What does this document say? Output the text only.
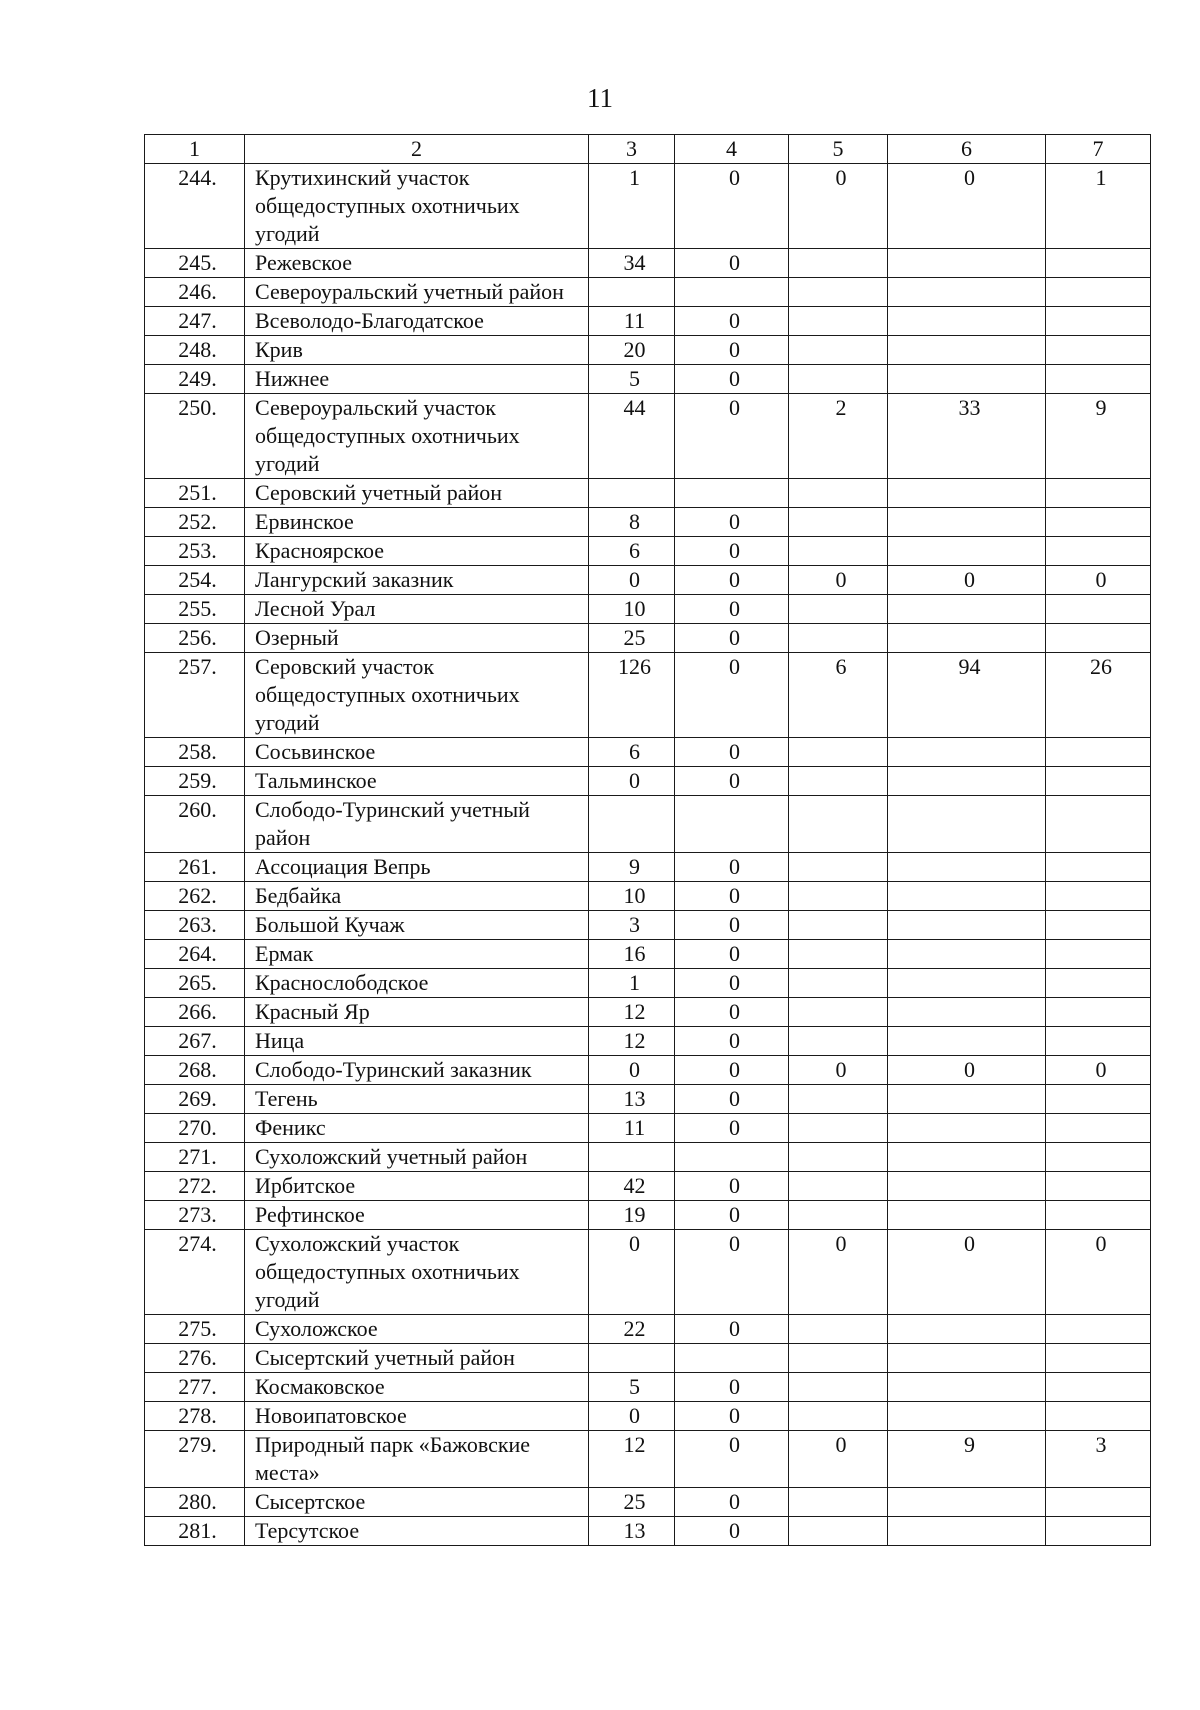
11
1	2	3	4	5	6	7
244.	Крутихинский участок общедоступных охотничьих угодий	1	0	0	0	1
245.	Режевское	34	0			
246.	Североуральский учетный район					
247.	Всеволодо-Благодатское	11	0			
248.	Крив	20	0			
249.	Нижнее	5	0			
250.	Североуральский участок общедоступных охотничьих угодий	44	0	2	33	9
251.	Серовский учетный район					
252.	Ервинское	8	0			
253.	Красноярское	6	0			
254.	Лангурский заказник	0	0	0	0	0
255.	Лесной Урал	10	0			
256.	Озерный	25	0			
257.	Серовский участок общедоступных охотничьих угодий	126	0	6	94	26
258.	Сосьвинское	6	0			
259.	Тальминское	0	0			
260.	Слободо-Туринский учетный район					
261.	Ассоциация Вепрь	9	0			
262.	Бедбайка	10	0			
263.	Большой Кучаж	3	0			
264.	Ермак	16	0			
265.	Краснослободское	1	0			
266.	Красный Яр	12	0			
267.	Ница	12	0			
268.	Слободо-Туринский заказник	0	0	0	0	0
269.	Тегень	13	0			
270.	Феникс	11	0			
271.	Сухоложский учетный район					
272.	Ирбитское	42	0			
273.	Рефтинское	19	0			
274.	Сухоложский участок общедоступных охотничьих угодий	0	0	0	0	0
275.	Сухоложское	22	0			
276.	Сысертский учетный район					
277.	Космаковское	5	0			
278.	Новоипатовское	0	0			
279.	Природный парк «Бажовские места»	12	0	0	9	3
280.	Сысертское	25	0			
281.	Терсутское	13	0			
